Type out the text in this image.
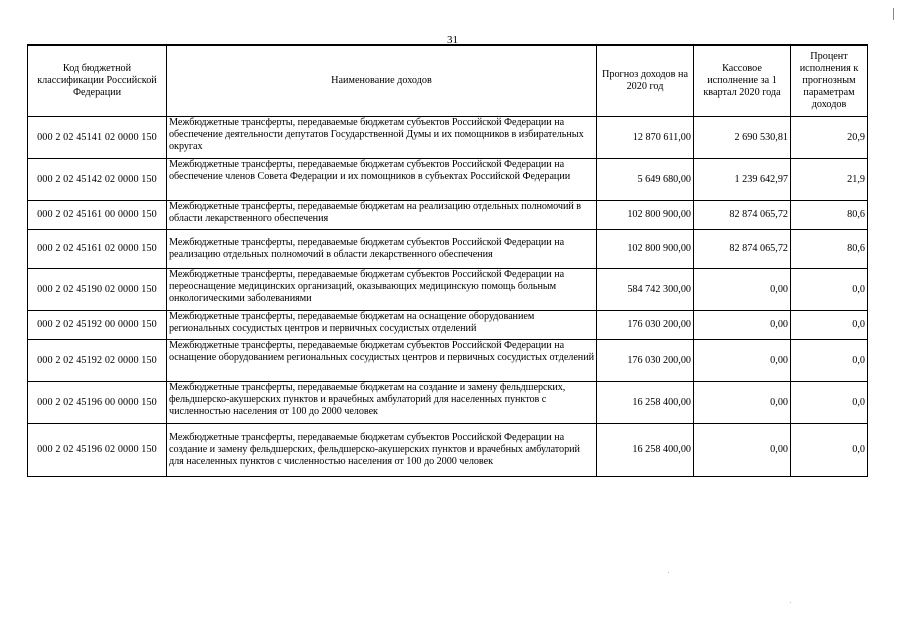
31
Код бюджетной классификации Российской Федерации	Наименование доходов	Прогноз доходов на 2020 год	Кассовое исполнение за 1 квартал 2020 года	Процент исполнения к прогнозным параметрам доходов
000 2 02 45141 02 0000 150	Межбюджетные трансферты, передаваемые бюджетам субъектов Российской Федерации на обеспечение деятельности депутатов Государственной Думы и их помощников в избирательных округах	12 870 611,00	2 690 530,81	20,9
000 2 02 45142 02 0000 150	Межбюджетные трансферты, передаваемые бюджетам субъектов Российской Федерации на обеспечение членов Совета Федерации и их помощников в субъектах Российской Федерации	5 649 680,00	1 239 642,97	21,9
000 2 02 45161 00 0000 150	Межбюджетные трансферты, передаваемые бюджетам на реализацию отдельных полномочий в области лекарственного обеспечения	102 800 900,00	82 874 065,72	80,6
000 2 02 45161 02 0000 150	Межбюджетные трансферты, передаваемые бюджетам субъектов Российской Федерации на реализацию отдельных полномочий в области лекарственного обеспечения	102 800 900,00	82 874 065,72	80,6
000 2 02 45190 02 0000 150	Межбюджетные трансферты, передаваемые бюджетам субъектов Российской Федерации на переоснащение медицинских организаций, оказывающих медицинскую помощь больным онкологическими заболеваниями	584 742 300,00	0,00	0,0
000 2 02 45192 00 0000 150	Межбюджетные трансферты, передаваемые бюджетам на оснащение оборудованием региональных сосудистых центров и первичных сосудистых отделений	176 030 200,00	0,00	0,0
000 2 02 45192 02 0000 150	Межбюджетные трансферты, передаваемые бюджетам субъектов Российской Федерации на оснащение оборудованием региональных сосудистых центров и первичных сосудистых отделений	176 030 200,00	0,00	0,0
000 2 02 45196 00 0000 150	Межбюджетные трансферты, передаваемые бюджетам на создание и замену фельдшерских, фельдшерско-акушерских пунктов и врачебных амбулаторий для населенных пунктов с численностью населения от 100 до 2000 человек	16 258 400,00	0,00	0,0
000 2 02 45196 02 0000 150	Межбюджетные трансферты, передаваемые бюджетам субъектов Российской Федерации на создание и замену фельдшерских, фельдшерско-акушерских пунктов и врачебных амбулаторий для населенных пунктов с численностью населения от 100 до 2000 человек	16 258 400,00	0,00	0,0
